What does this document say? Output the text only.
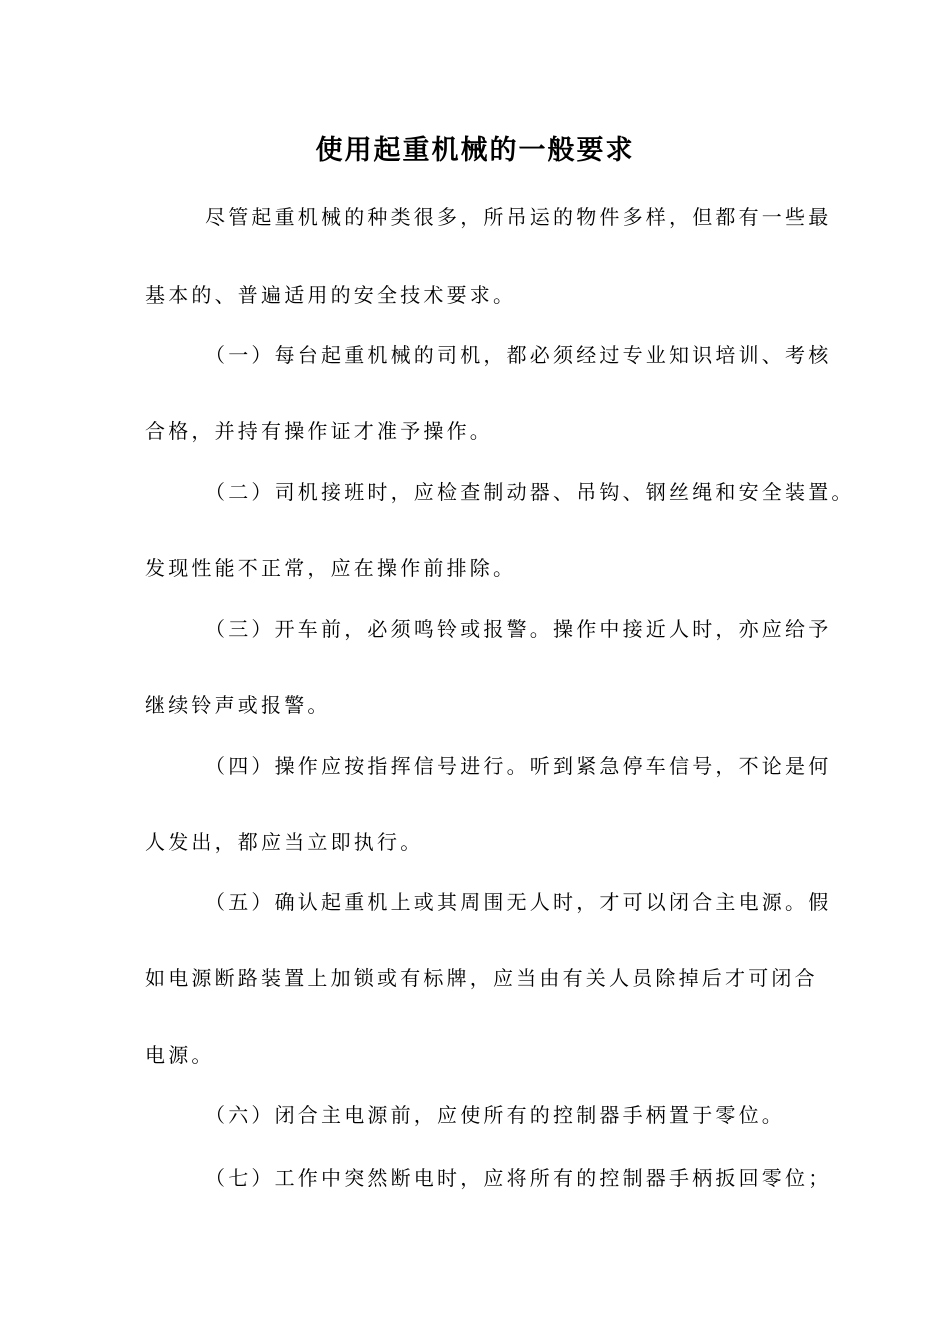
使用起重机械的一般要求
尽管起重机械的种类很多，所吊运的物件多样，但都有一些最
基本的、普遍适用的安全技术要求。
（一）每台起重机械的司机，都必须经过专业知识培训、考核
合格，并持有操作证才准予操作。
（二）司机接班时，应检查制动器、吊钩、钢丝绳和安全装置。
发现性能不正常，应在操作前排除。
（三）开车前，必须鸣铃或报警。操作中接近人时，亦应给予
继续铃声或报警。
（四）操作应按指挥信号进行。听到紧急停车信号，不论是何
人发出，都应当立即执行。
（五）确认起重机上或其周围无人时，才可以闭合主电源。假
如电源断路装置上加锁或有标牌，应当由有关人员除掉后才可闭合
电源。
（六）闭合主电源前，应使所有的控制器手柄置于零位。
（七）工作中突然断电时，应将所有的控制器手柄扳回零位；
